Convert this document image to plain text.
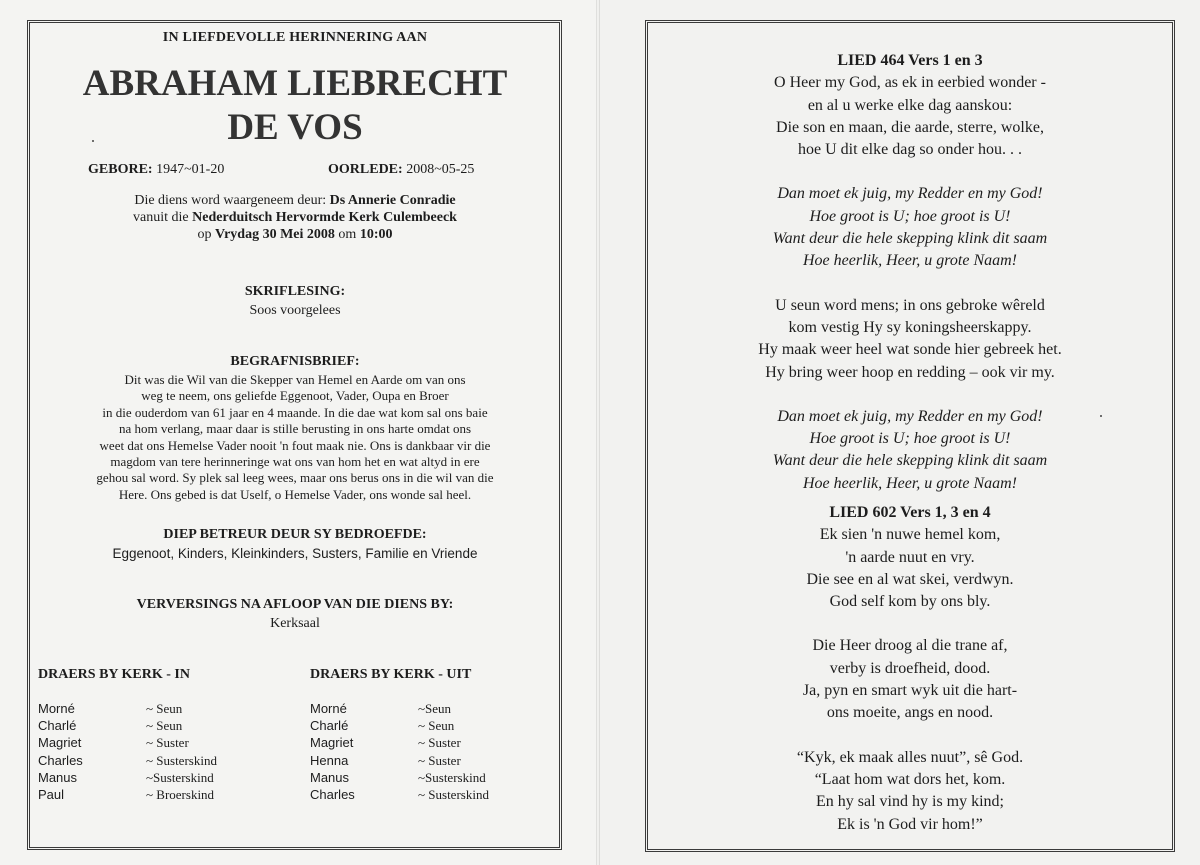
IN LIEFDEVOLLE HERINNERING AAN

ABRAHAM LIEBRECHT
DE VOS

GEBORE: 1947~01-20	OORLEDE: 2008~05-25

Die diens word waargeneem deur: Ds Annerie Conradie
vanuit die Nederduitsch Hervormde Kerk Culembeeck
op Vrydag 30 Mei 2008 om 10:00

SKRIFLESING:

Soos voorgelees

BEGRAFNISBRIEF:

Dit was die Wil van die Skepper van Hemel en Aarde om van ons
weg te neem, ons geliefde Eggenoot, Vader, Oupa en Broer
in die ouderdom van 61 jaar en 4 maande. In die dae wat kom sal ons baie
na hom verlang, maar daar is stille berusting in ons harte omdat ons
weet dat ons Hemelse Vader nooit 'n fout maak nie. Ons is dankbaar vir die
magdom van tere herinneringe wat ons van hom het en wat altyd in ere
gehou sal word. Sy plek sal leeg wees, maar ons berus ons in die wil van die
Here. Ons gebed is dat Uself, o Hemelse Vader, ons wonde sal heel.

DIEP BETREUR DEUR SY BEDROEFDE:

Eggenoot, Kinders, Kleinkinders, Susters, Familie en Vriende

VERVERSINGS NA AFLOOP VAN DIE DIENS BY:

Kerksaal

DRAERS BY KERK - IN	DRAERS BY KERK - UIT

Morné	~ Seun
Charlé	~ Seun
Magriet	~ Suster
Charles	~ Susterskind
Manus	~Susterskind
Paul	~ Broerskind
Morné	~Seun
Charlé	~ Seun
Magriet	~ Suster
Henna	~ Suster
Manus	~Susterskind
Charles	~ Susterskind
LIED 464 Vers 1 en 3
O Heer my God, as ek in eerbied wonder -
en al u werke elke dag aanskou:
Die son en maan, die aarde, sterre, wolke,
hoe U dit elke dag so onder hou. . .
Dan moet ek juig, my Redder en my God!
Hoe groot is U; hoe groot is U!
Want deur die hele skepping klink dit saam
Hoe heerlik, Heer, u grote Naam!
U seun word mens; in ons gebroke wêreld
kom vestig Hy sy koningsheerskappy.
Hy maak weer heel wat sonde hier gebreek het.
Hy bring weer hoop en redding – ook vir my.
Dan moet ek juig, my Redder en my God!
Hoe groot is U; hoe groot is U!
Want deur die hele skepping klink dit saam
Hoe heerlik, Heer, u grote Naam!
LIED 602 Vers 1, 3 en 4
Ek sien 'n nuwe hemel kom,
'n aarde nuut en vry.
Die see en al wat skei, verdwyn.
God self kom by ons bly.
Die Heer droog al die trane af,
verby is droefheid, dood.
Ja, pyn en smart wyk uit die hart-
ons moeite, angs en nood.
“Kyk, ek maak alles nuut”, sê God.
“Laat hom wat dors het, kom.
En hy sal vind hy is my kind;
Ek is 'n God vir hom!”
